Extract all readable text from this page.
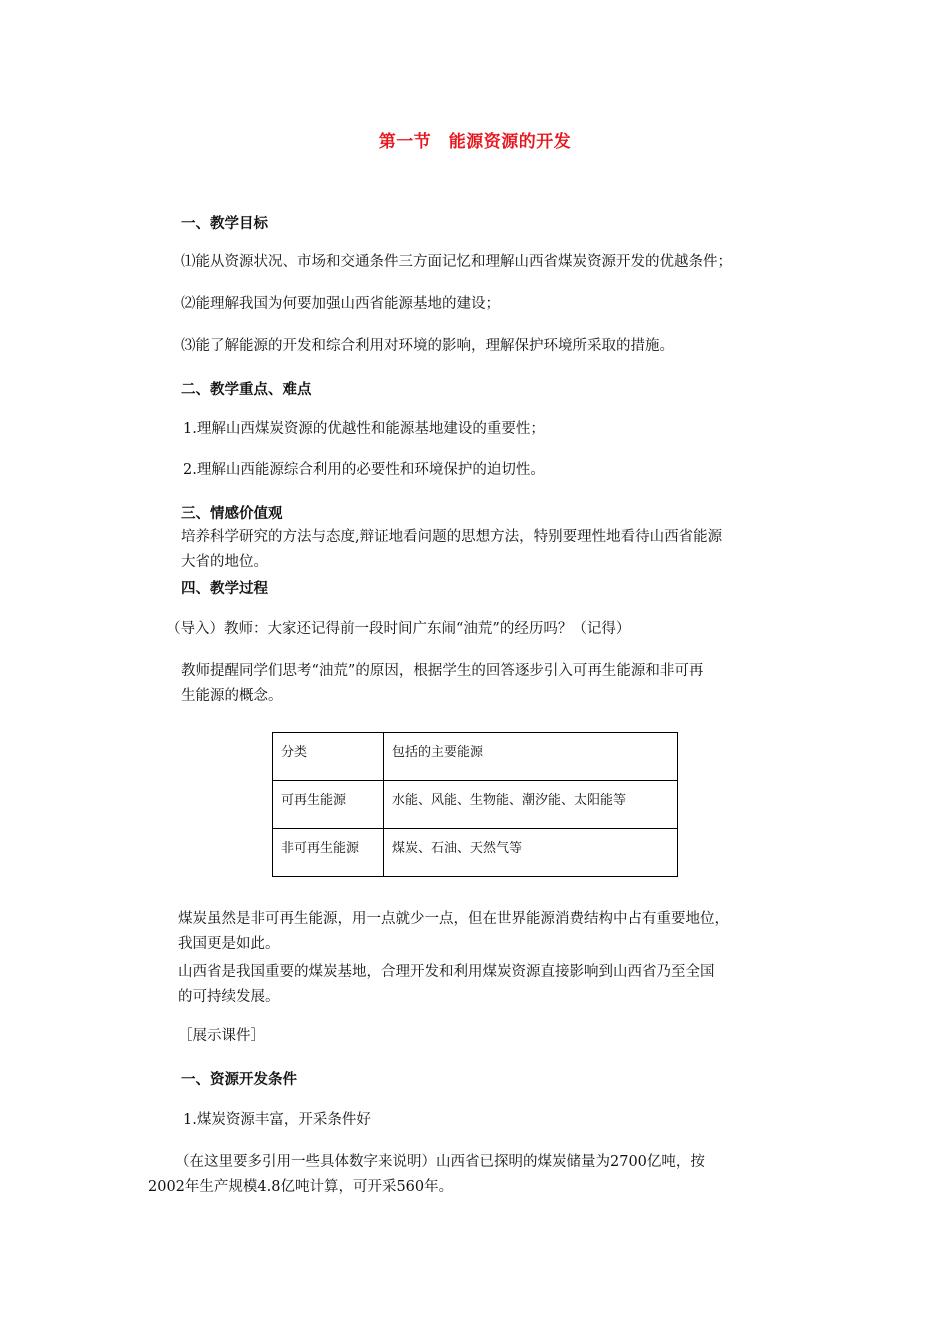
第一节　能源资源的开发
一、教学目标
⑴能从资源状况、市场和交通条件三方面记忆和理解山西省煤炭资源开发的优越条件；
⑵能理解我国为何要加强山西省能源基地的建设；
⑶能了解能源的开发和综合利用对环境的影响，理解保护环境所采取的措施。
二、教学重点、难点
1.理解山西煤炭资源的优越性和能源基地建设的重要性；
2.理解山西能源综合利用的必要性和环境保护的迫切性。
三、情感价值观
培养科学研究的方法与态度,辩证地看问题的思想方法，特别要理性地看待山西省能源
大省的地位。
四、教学过程
（导入）教师：大家还记得前一段时间广东闹“油荒”的经历吗？（记得）
教师提醒同学们思考“油荒”的原因，根据学生的回答逐步引入可再生能源和非可再
生能源的概念。
分类	包括的主要能源
可再生能源	水能、风能、生物能、潮汐能、太阳能等
非可再生能源	煤炭、石油、天然气等
煤炭虽然是非可再生能源，用一点就少一点，但在世界能源消费结构中占有重要地位，
我国更是如此。
山西省是我国重要的煤炭基地，合理开发和利用煤炭资源直接影响到山西省乃至全国
的可持续发展。
［展示课件］
一、资源开发条件
1.煤炭资源丰富，开采条件好
（在这里要多引用一些具体数字来说明）山西省已探明的煤炭储量为2700亿吨，按
2002年生产规模4.8亿吨计算，可开采560年。
